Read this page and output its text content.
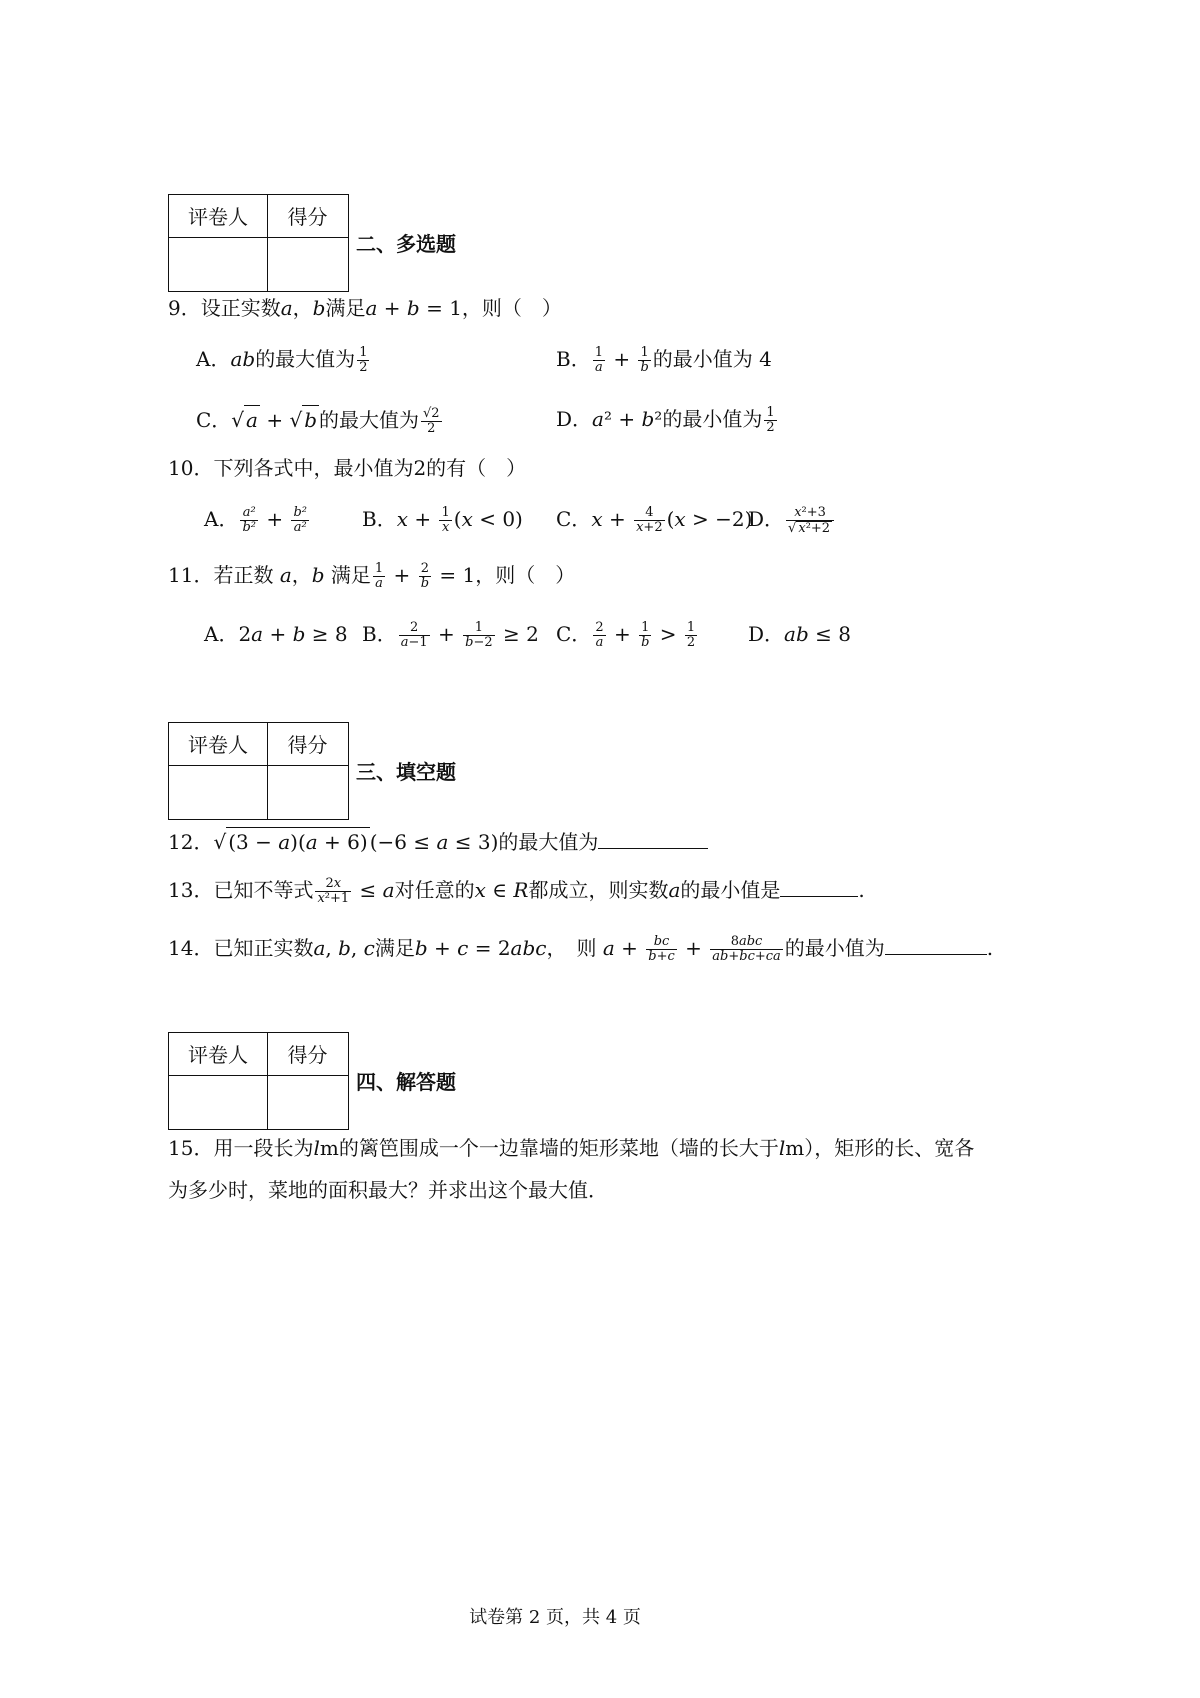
评卷人	得分
二、多选题
9．设正实数a，b满足a + b = 1，则（　）
A．ab的最大值为 $\frac{1}{2}$	B． $\frac{1}{a} + \frac{1}{b}$ 的最小值为 4
C．√ a + √ b 的最大值为 $\frac{√2}{2}$	D．a² + b²的最小值为 $\frac{1}{2}$
10．下列各式中，最小值为2的有（　）
A． $\frac{\text{a²}}{\text{b²}} + \frac{\text{b²}}{\text{a²}}$	B．$x + \frac{1}{x} (x < 0)$ C．$x + \frac{4}{x+2} (x > -2)$
D． $\frac{\text{x²+3}}{\text{√ x²+2}}$
11．若正数 a，b 满足 $\frac{1}{a} + \frac{2}{b} = 1$，则（　）
A．2a + b ≥ 8 B． $\frac{2}{a-1} + \frac{1}{b-2} \ge 2$ C． $\frac{2}{a} + \frac{1}{b} > \frac{1}{2}$	D．ab ≤ 8
评卷人	得分
三、填空题
12．√ (3 − a)(a + 6) (−6 ≤ a ≤ 3)的最大值为
13．已知不等式 $\frac{2x}{\text{x²+1}} \le a$对任意的x ∈ R都成立，则实数a的最小值是	.
14．已知正实数a, b, c满足b + c = 2abc，　则 $a + \frac{bc}{b+c} + \frac{\text{8abc}}{ab+bc+ca}$ 的最小值为	.
评卷人	得分
四、解答题
15．用一段长为lm的篱笆围成一个一边靠墙的矩形菜地（墙的长大于lm），矩形的长、宽各
为多少时，菜地的面积最大？并求出这个最大值．
试卷第 2 页，共 4 页
